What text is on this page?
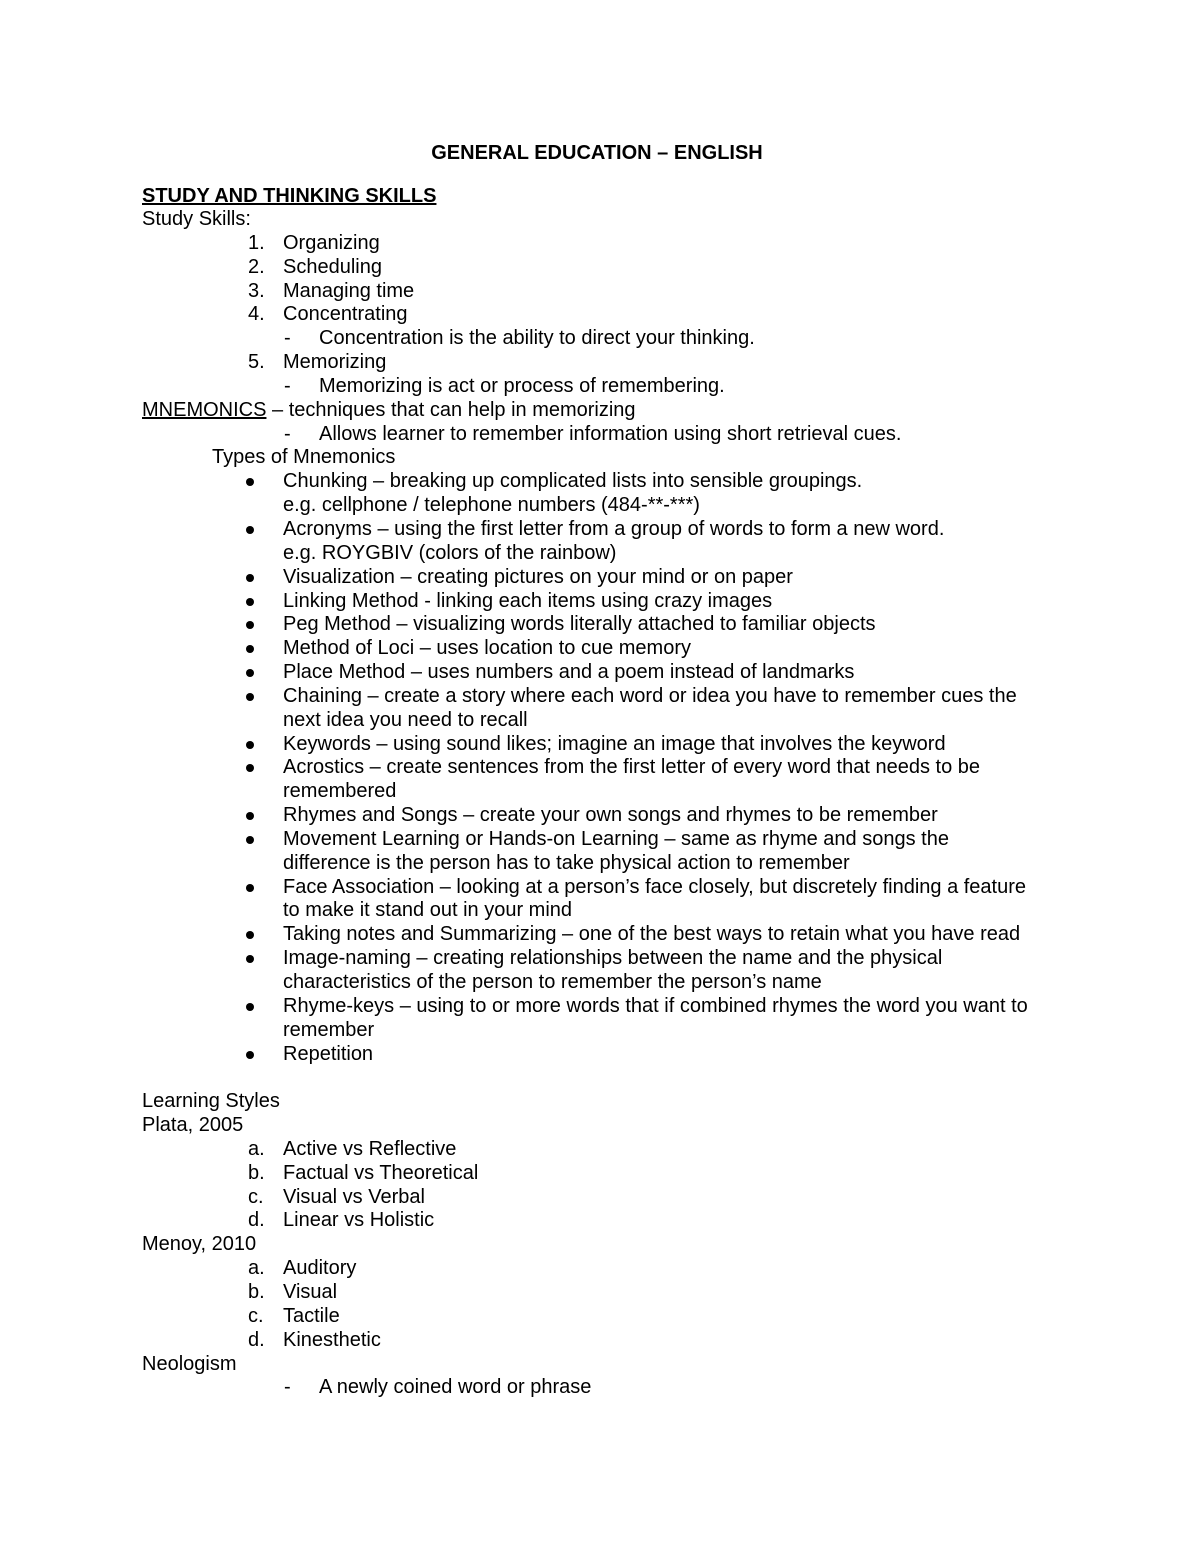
GENERAL EDUCATION – ENGLISH
STUDY AND THINKING SKILLS
Study Skills:
1. Organizing
2. Scheduling
3. Managing time
4. Concentrating
- Concentration is the ability to direct your thinking.
5. Memorizing
- Memorizing is act or process of remembering.
MNEMONICS – techniques that can help in memorizing
- Allows learner to remember information using short retrieval cues.
Types of Mnemonics
Chunking – breaking up complicated lists into sensible groupings.
e.g. cellphone / telephone numbers (484-**-***)
Acronyms – using the first letter from a group of words to form a new word.
e.g. ROYGBIV (colors of the rainbow)
Visualization – creating pictures on your mind or on paper
Linking Method - linking each items using crazy images
Peg Method – visualizing words literally attached to familiar objects
Method of Loci – uses location to cue memory
Place Method – uses numbers and a poem instead of landmarks
Chaining – create a story where each word or idea you have to remember cues the
next idea you need to recall
Keywords – using sound likes; imagine an image that involves the keyword
Acrostics – create sentences from the first letter of every word that needs to be
remembered
Rhymes and Songs – create your own songs and rhymes to be remember
Movement Learning or Hands-on Learning – same as rhyme and songs the
difference is the person has to take physical action to remember
Face Association – looking at a person’s face closely, but discretely finding a feature
to make it stand out in your mind
Taking notes and Summarizing – one of the best ways to retain what you have read
Image-naming – creating relationships between the name and the physical
characteristics of the person to remember the person’s name
Rhyme-keys – using to or more words that if combined rhymes the word you want to
remember
Repetition
Learning Styles
Plata, 2005
a. Active vs Reflective
b. Factual vs Theoretical
c. Visual vs Verbal
d. Linear vs Holistic
Menoy, 2010
a. Auditory
b. Visual
c. Tactile
d. Kinesthetic
Neologism
- A newly coined word or phrase
